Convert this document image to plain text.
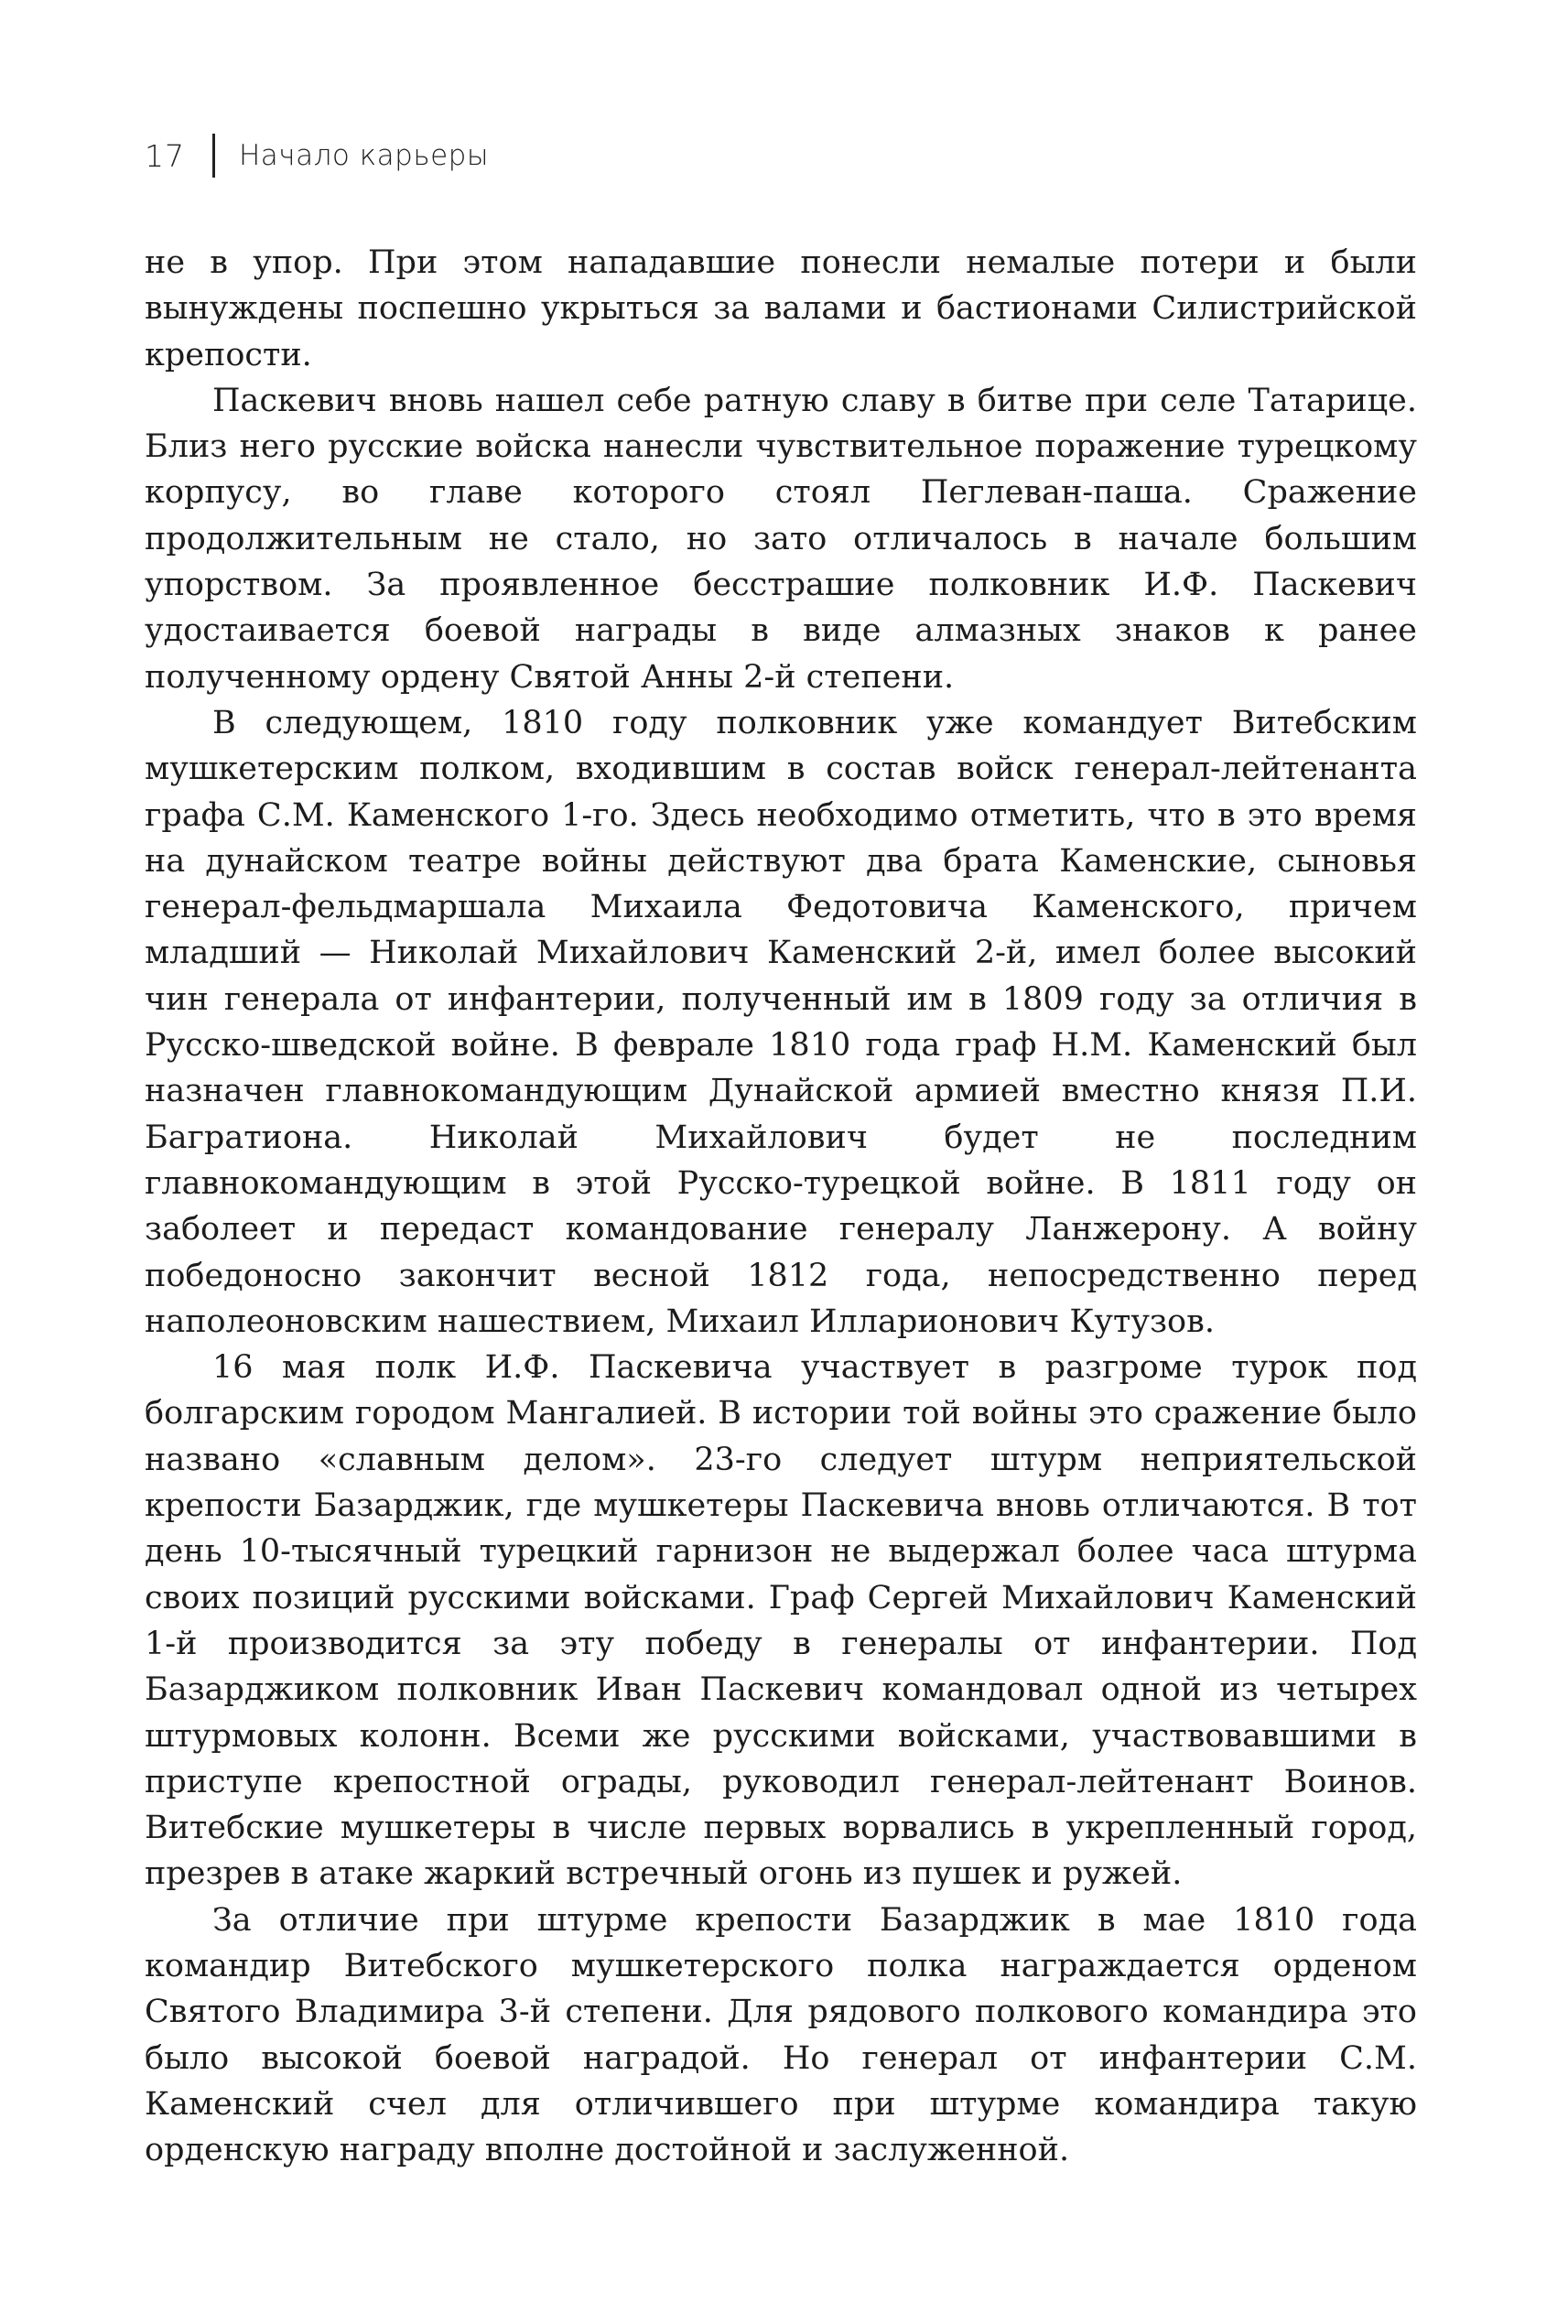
17 Начало карьеры

не в упор. При этом нападавшие понесли немалые потери и были вынуждены поспешно укрыться за валами и бастионами Силистрийской крепости.

Паскевич вновь нашел себе ратную славу в битве при селе Татарице. Близ него русские войска нанесли чувствительное поражение турецкому корпусу, во главе которого стоял Пеглеван-паша. Сражение продолжительным не стало, но зато отличалось в начале большим упорством. За проявленное бесстрашие полковник И.Ф. Паскевич удостаивается боевой награды в виде алмазных знаков к ранее полученному ордену Святой Анны 2-й степени.

В следующем, 1810 году полковник уже командует Витебским мушкетерским полком, входившим в состав войск генерал-лейтенанта графа С.М. Каменского 1-го. Здесь необходимо отметить, что в это время на дунайском театре войны действуют два брата Каменские, сыновья генерал-фельдмаршала Михаила Федотовича Каменского, причем младший — Николай Михайлович Каменский 2-й, имел более высокий чин генерала от инфантерии, полученный им в 1809 году за отличия в Русско-шведской войне. В феврале 1810 года граф Н.М. Каменский был назначен главнокомандующим Дунайской армией вместно князя П.И. Багратиона. Николай Михайлович будет не последним главнокомандующим в этой Русско-турецкой войне. В 1811 году он заболеет и передаст командование генералу Ланжерону. А войну победоносно закончит весной 1812 года, непосредственно перед наполеоновским нашествием, Михаил Илларионович Кутузов.

16 мая полк И.Ф. Паскевича участвует в разгроме турок под болгарским городом Мангалией. В истории той войны это сражение было названо «славным делом». 23-го следует штурм неприятельской крепости Базарджик, где мушкетеры Паскевича вновь отличаются. В тот день 10-тысячный турецкий гарнизон не выдержал более часа штурма своих позиций русскими войсками. Граф Сергей Михайлович Каменский 1-й производится за эту победу в генералы от инфантерии. Под Базарджиком полковник Иван Паскевич командовал одной из четырех штурмовых колонн. Всеми же русскими войсками, участвовавшими в приступе крепостной ограды, руководил генерал-лейтенант Воинов. Витебские мушкетеры в числе первых ворвались в укрепленный город, презрев в атаке жаркий встречный огонь из пушек и ружей.

За отличие при штурме крепости Базарджик в мае 1810 года командир Витебского мушкетерского полка награждается орденом Святого Владимира 3-й степени. Для рядового полкового командира это было высокой боевой наградой. Но генерал от инфантерии С.М. Каменский счел для отличившего при штурме командира такую орденскую награду вполне достойной и заслуженной.
